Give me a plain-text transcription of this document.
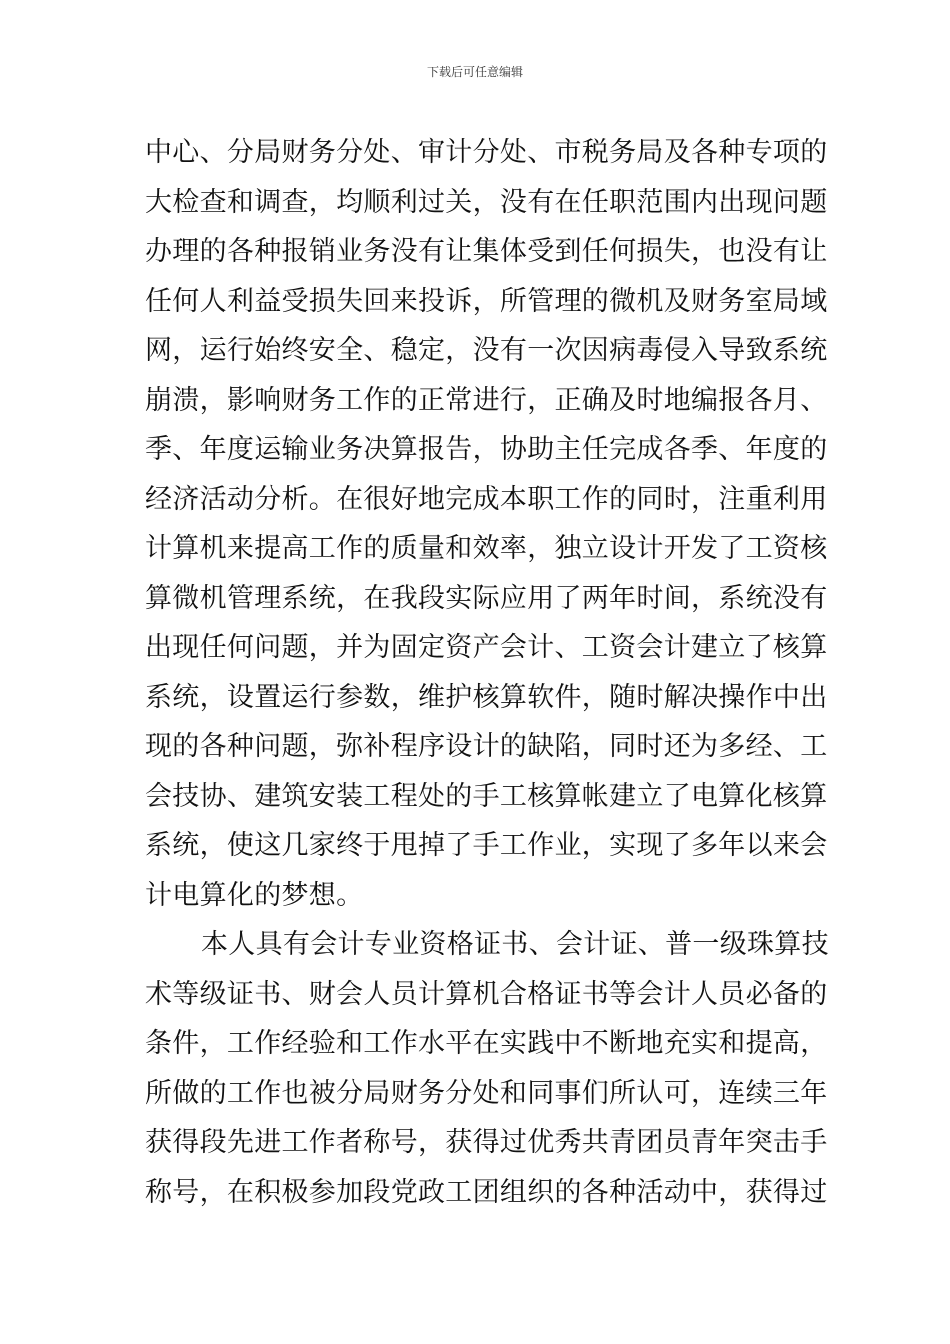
下载后可任意编辑
中心、分局财务分处、审计分处、市税务局及各种专项的
大检查和调查，均顺利过关，没有在任职范围内出现问题
办理的各种报销业务没有让集体受到任何损失，也没有让
任何人利益受损失回来投诉，所管理的微机及财务室局域
网，运行始终安全、稳定，没有一次因病毒侵入导致系统
崩溃，影响财务工作的正常进行，正确及时地编报各月、
季、年度运输业务决算报告，协助主任完成各季、年度的
经济活动分析。在很好地完成本职工作的同时，注重利用
计算机来提高工作的质量和效率，独立设计开发了工资核
算微机管理系统，在我段实际应用了两年时间，系统没有
出现任何问题，并为固定资产会计、工资会计建立了核算
系统，设置运行参数，维护核算软件，随时解决操作中出
现的各种问题，弥补程序设计的缺陷，同时还为多经、工
会技协、建筑安装工程处的手工核算帐建立了电算化核算
系统，使这几家终于甩掉了手工作业，实现了多年以来会
计电算化的梦想。
本人具有会计专业资格证书、会计证、普一级珠算技
术等级证书、财会人员计算机合格证书等会计人员必备的
条件，工作经验和工作水平在实践中不断地充实和提高，
所做的工作也被分局财务分处和同事们所认可，连续三年
获得段先进工作者称号，获得过优秀共青团员青年突击手
称号，在积极参加段党政工团组织的各种活动中，获得过
